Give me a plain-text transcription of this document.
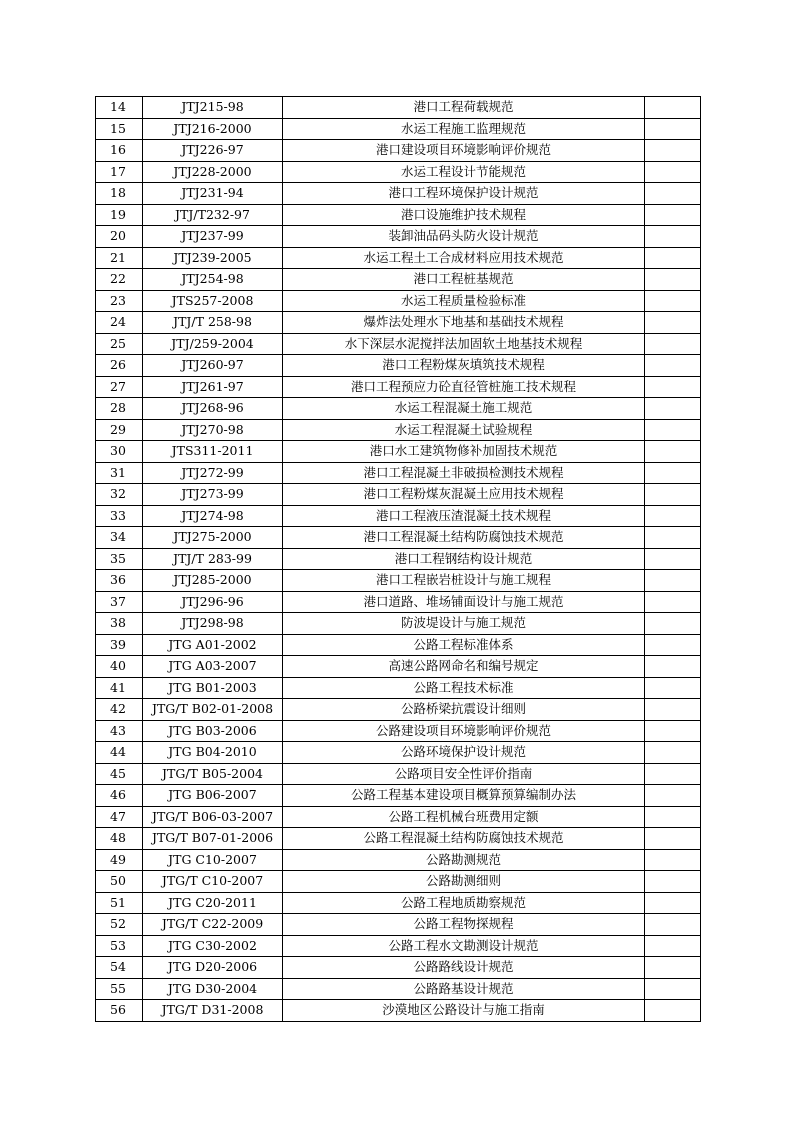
14	JTJ215-98	港口工程荷载规范	
15	JTJ216-2000	水运工程施工监理规范	
16	JTJ226-97	港口建设项目环境影响评价规范	
17	JTJ228-2000	水运工程设计节能规范	
18	JTJ231-94	港口工程环境保护设计规范	
19	JTJ/T232-97	港口设施维护技术规程	
20	JTJ237-99	装卸油品码头防火设计规范	
21	JTJ239-2005	水运工程土工合成材料应用技术规范	
22	JTJ254-98	港口工程桩基规范	
23	JTS257-2008	水运工程质量检验标准	
24	JTJ/T 258-98	爆炸法处理水下地基和基础技术规程	
25	JTJ/259-2004	水下深层水泥搅拌法加固软土地基技术规程	
26	JTJ260-97	港口工程粉煤灰填筑技术规程	
27	JTJ261-97	港口工程预应力砼直径管桩施工技术规程	
28	JTJ268-96	水运工程混凝土施工规范	
29	JTJ270-98	水运工程混凝土试验规程	
30	JTS311-2011	港口水工建筑物修补加固技术规范	
31	JTJ272-99	港口工程混凝土非破损检测技术规程	
32	JTJ273-99	港口工程粉煤灰混凝土应用技术规程	
33	JTJ274-98	港口工程液压渣混凝土技术规程	
34	JTJ275-2000	港口工程混凝土结构防腐蚀技术规范	
35	JTJ/T 283-99	港口工程钢结构设计规范	
36	JTJ285-2000	港口工程嵌岩桩设计与施工规程	
37	JTJ296-96	港口道路、堆场铺面设计与施工规范	
38	JTJ298-98	防波堤设计与施工规范	
39	JTG A01-2002	公路工程标准体系	
40	JTG A03-2007	高速公路网命名和编号规定	
41	JTG B01-2003	公路工程技术标准	
42	JTG/T B02-01-2008	公路桥梁抗震设计细则	
43	JTG B03-2006	公路建设项目环境影响评价规范	
44	JTG B04-2010	公路环境保护设计规范	
45	JTG/T B05-2004	公路项目安全性评价指南	
46	JTG B06-2007	公路工程基本建设项目概算预算编制办法	
47	JTG/T B06-03-2007	公路工程机械台班费用定额	
48	JTG/T B07-01-2006	公路工程混凝土结构防腐蚀技术规范	
49	JTG C10-2007	公路勘测规范	
50	JTG/T C10-2007	公路勘测细则	
51	JTG C20-2011	公路工程地质勘察规范	
52	JTG/T C22-2009	公路工程物探规程	
53	JTG C30-2002	公路工程水文勘测设计规范	
54	JTG D20-2006	公路路线设计规范	
55	JTG D30-2004	公路路基设计规范	
56	JTG/T D31-2008	沙漠地区公路设计与施工指南	
